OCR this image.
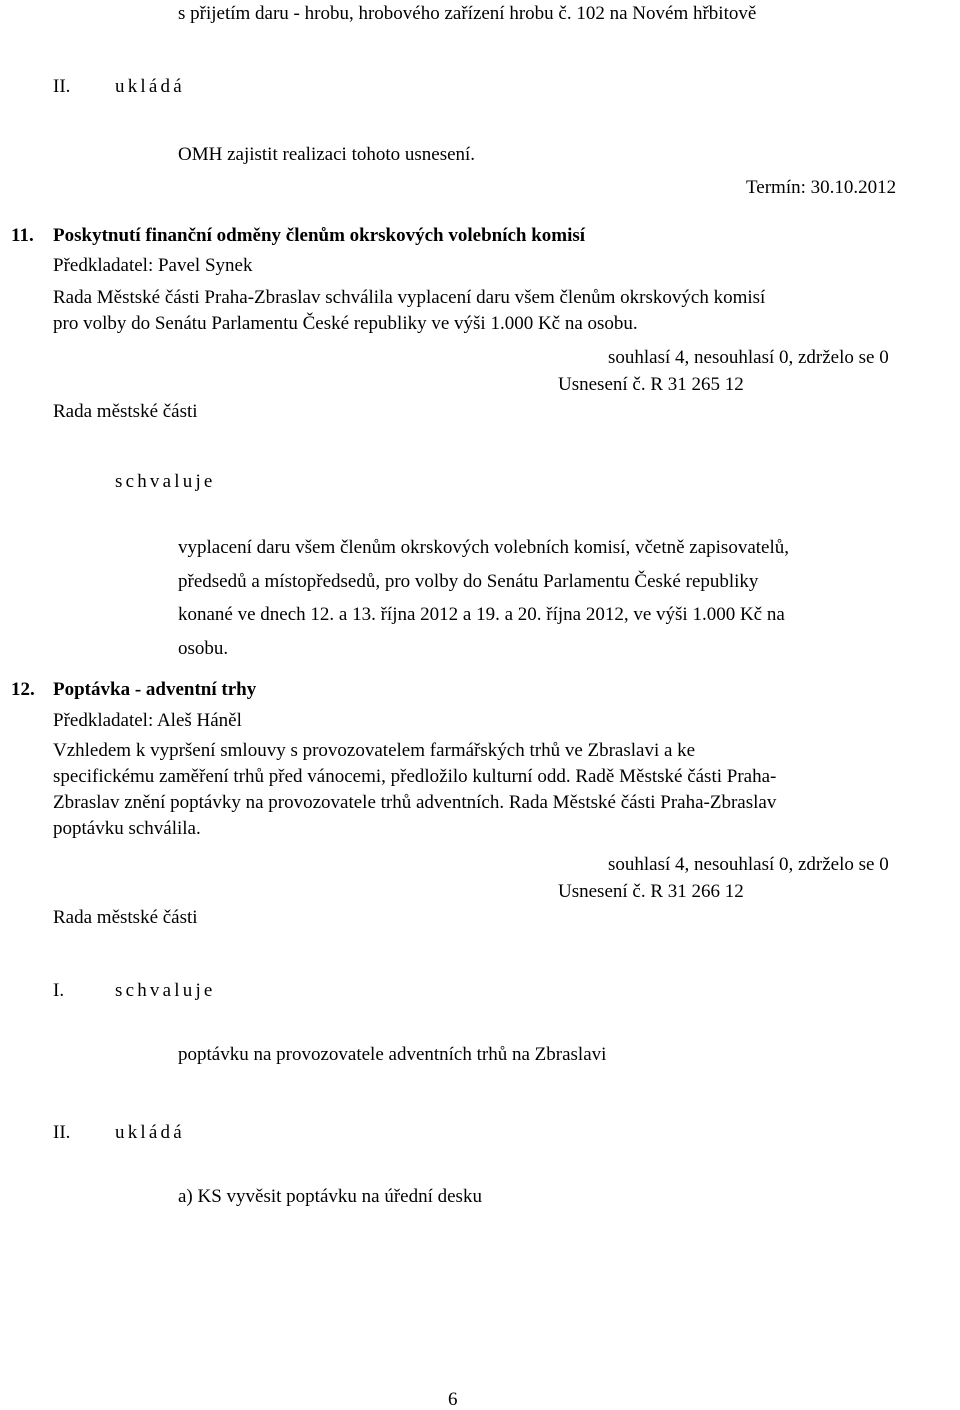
s přijetím daru - hrobu, hrobového zařízení hrobu č. 102 na Novém hřbitově
II. ukládá
OMH zajistit realizaci tohoto usnesení.
Termín: 30.10.2012
11. Poskytnutí finanční odměny členům okrskových volebních komisí
Předkladatel: Pavel Synek
Rada Městské části Praha-Zbraslav schválila vyplacení daru všem členům okrskových komisí
pro volby do Senátu Parlamentu České republiky ve výši 1.000 Kč na osobu.
souhlasí 4, nesouhlasí 0, zdrželo se 0
Usnesení č. R 31 265 12
Rada městské části
schvaluje
vyplacení daru všem členům okrskových volebních komisí, včetně zapisovatelů,
předsedů a místopředsedů, pro volby do Senátu Parlamentu České republiky
konané ve dnech 12. a 13. října 2012 a 19. a 20. října 2012, ve výši 1.000 Kč na
osobu.
12. Poptávka - adventní trhy
Předkladatel: Aleš Háněl
Vzhledem k vypršení smlouvy s provozovatelem farmářských trhů ve Zbraslavi a ke
specifickému zaměření trhů před vánocemi, předložilo kulturní odd. Radě Městské části Praha-
Zbraslav znění poptávky na provozovatele trhů adventních. Rada Městské části Praha-Zbraslav
poptávku schválila.
souhlasí 4, nesouhlasí 0, zdrželo se 0
Usnesení č. R 31 266 12
Rada městské části
I.	schvaluje
poptávku na provozovatele adventních trhů na Zbraslavi
II. ukládá
a) KS vyvěsit poptávku na úřední desku
6
